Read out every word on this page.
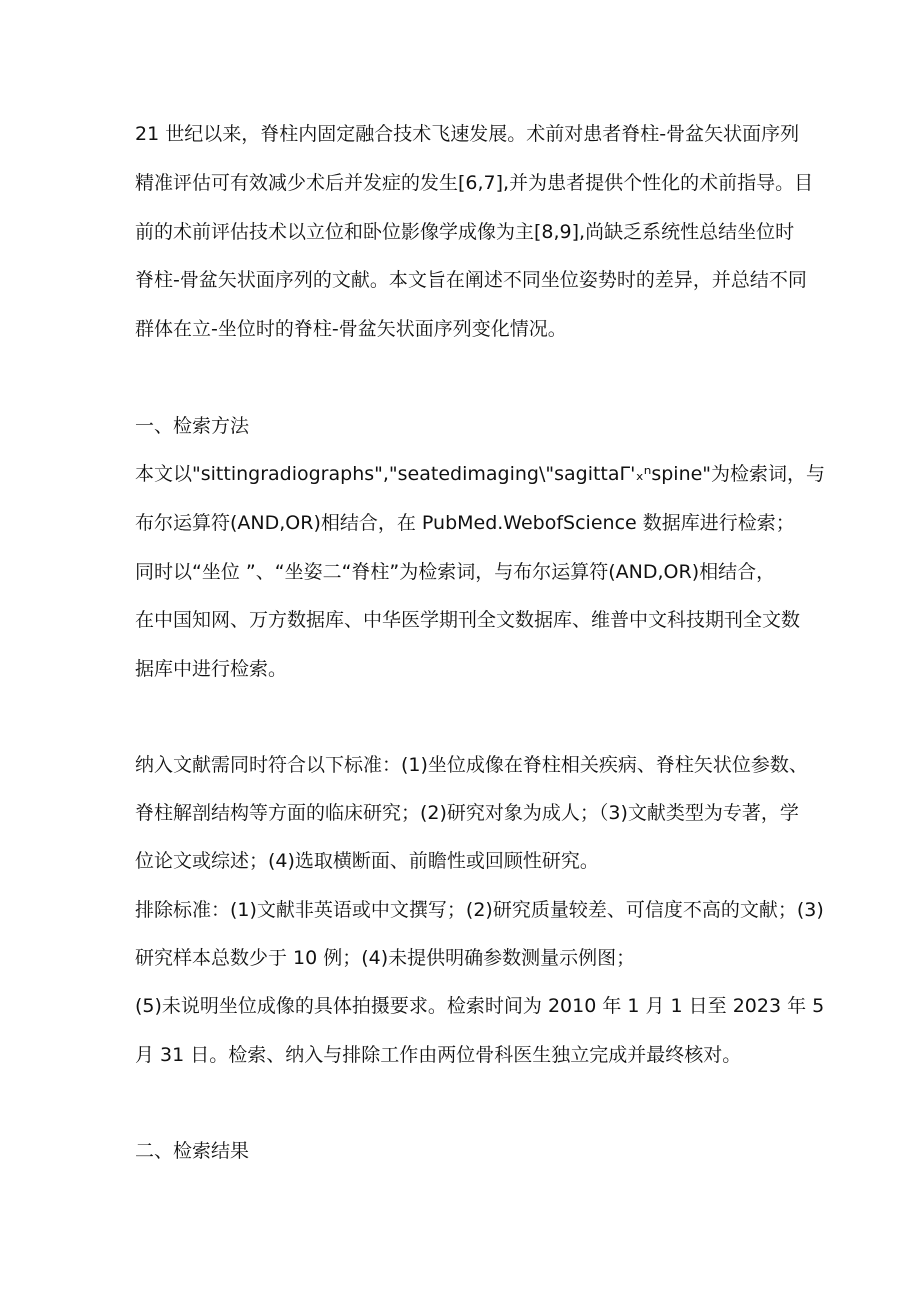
21 世纪以来，脊柱内固定融合技术飞速发展。术前对患者脊柱-骨盆矢状面序列
精准评估可有效减少术后并发症的发生[6,7],并为患者提供个性化的术前指导。目
前的术前评估技术以立位和卧位影像学成像为主[8,9],尚缺乏系统性总结坐位时
脊柱-骨盆矢状面序列的文献。本文旨在阐述不同坐位姿势时的差异，并总结不同
群体在立-坐位时的脊柱-骨盆矢状面序列变化情况。
一、检索方法
本文以"sittingradiographs","seatedimaging\"sagittaΓ'ₓⁿspine"为检索词，与
布尔运算符(AND,OR)相结合，在 PubMed.WebofScience 数据库进行检索；
同时以“坐位 ”、“坐姿二“脊柱”为检索词，与布尔运算符(AND,OR)相结合，
在中国知网、万方数据库、中华医学期刊全文数据库、维普中文科技期刊全文数
据库中进行检索。
纳入文献需同时符合以下标准：(1)坐位成像在脊柱相关疾病、脊柱矢状位参数、
脊柱解剖结构等方面的临床研究；(2)研究对象为成人；（3)文献类型为专著，学
位论文或综述；(4)选取横断面、前瞻性或回顾性研究。
排除标准：(1)文献非英语或中文撰写；(2)研究质量较差、可信度不高的文献；(3)
研究样本总数少于 10 例；(4)未提供明确参数测量示例图；
(5)未说明坐位成像的具体拍摄要求。检索时间为 2010 年 1 月 1 日至 2023 年 5
月 31 日。检索、纳入与排除工作由两位骨科医生独立完成并最终核对。
二、检索结果
